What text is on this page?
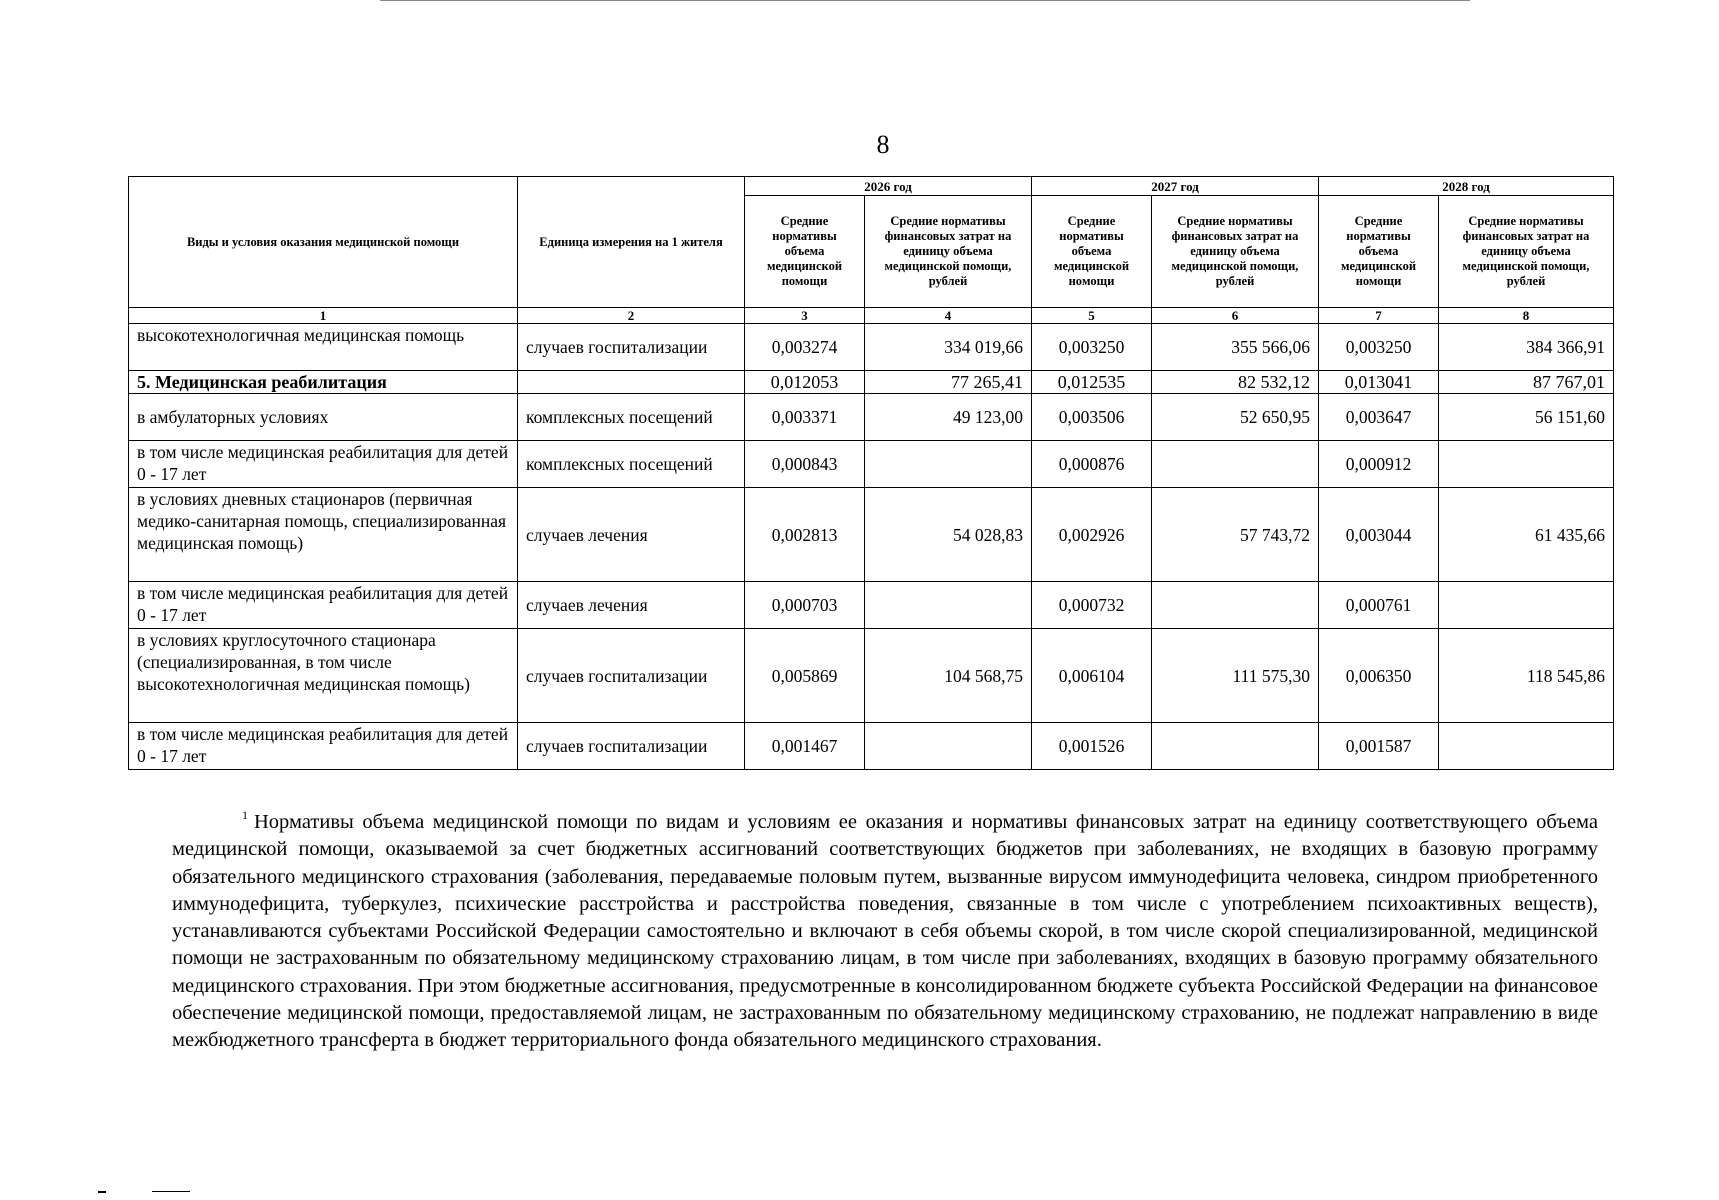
8
Виды и условия оказания медицинской помощи	Единица измерения на 1 жителя	2026 год		2027 год		2028 год	
		Средние нормативы объема медицинской помощи	Средние нормативы финансовых затрат на единицу объема медицинской помощи, рублей	Средние нормативы объема медицинской нoмощи	Средние нормативы финансовых затрат на единицу объема медицинской помощи, рублей	Средние нормативы объема медицинской номощи	Средние нормативы финансовых затрат на единицу объема медицинской помощи, рублей
1	2	3	4	5	6	7	8
высокотехнологичная медицинская помощь	случаев госпитализации	0,003274	334 019,66	0,003250	355 566,06	0,003250	384 366,91
5. Медицинская реабилитация		0,012053	77 265,41	0,012535	82 532,12	0,013041	87 767,01
в амбулаторных условиях	комплексных посещений	0,003371	49 123,00	0,003506	52 650,95	0,003647	56 151,60
в том числе медицинская реабилитация для детей 0 - 17 лет	комплексных посещений	0,000843		0,000876		0,000912	
в условиях дневных стационаров (первичная медико-санитарная помощь, специализированная медицинская помощь)	случаев лечения	0,002813	54 028,83	0,002926	57 743,72	0,003044	61 435,66
в том числе медицинская реабилитация для детей 0 - 17 лет	случаев лечения	0,000703		0,000732		0,000761	
в условиях круглосуточного стационара (специализированная, в том числе высокотехнологичная медицинская помощь)	случаев госпитализации	0,005869	104 568,75	0,006104	111 575,30	0,006350	118 545,86
в том числе медицинская реабилитация для детей 0 - 17 лет	случаев госпитализации	0,001467		0,001526		0,001587	

$^1$ Нормативы объема медицинской помощи по видам и условиям ее оказания и нормативы финансовых затрат на единицу соответствующего объема медицинской помощи, оказываемой за счет бюджетных ассигнований соответствующих бюджетов при заболеваниях, не входящих в базовую программу обязательного медицинского страхования (заболевания, передаваемые половым путем, вызванные вирусом иммунодефицита человека, синдром приобретенного иммунодефицита, туберкулез, психические расстройства и расстройства поведения, связанные в том числе с употреблением психоактивных веществ), устанавливаются субъектами Российской Федерации самостоятельно и включают в себя объемы скорой, в том числе скорой специализированной, медицинской помощи не застрахованным по обязательному медицинскому страхованию лицам, в том числе при заболеваниях, входящих в базовую программу обязательного медицинского страхования. При этом бюджетные ассигнования, предусмотренные в консолидированном бюджете субъекта Российской Федерации на финансовое обеспечение медицинской помощи, предоставляемой лицам, не застрахованным по обязательному медицинскому страхованию, не подлежат направлению в виде межбюджетного трансферта в бюджет территориального фонда обязательного медицинского страхования.
